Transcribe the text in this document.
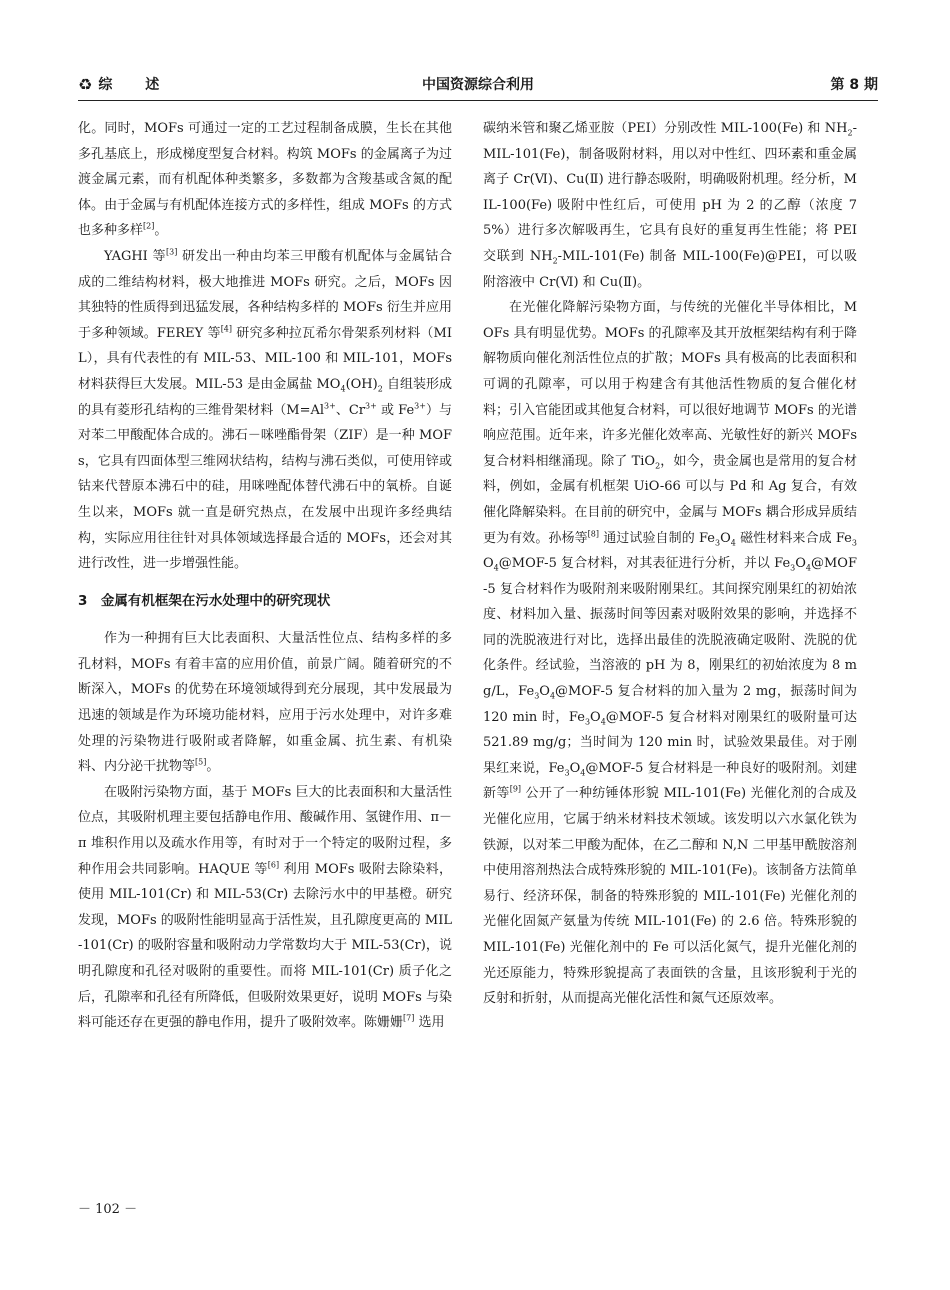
♻ 综 述	中国资源综合利用	第 8 期

化。同时，MOFs 可通过一定的工艺过程制备成膜，生长在其他多孔基底上，形成梯度型复合材料。构筑 MOFs 的金属离子为过渡金属元素，而有机配体种类繁多，多数都为含羧基或含氮的配体。由于金属与有机配体连接方式的多样性，组成 MOFs 的方式也多种多样[2]。

YAGHI 等[3] 研发出一种由均苯三甲酸有机配体与金属钴合成的二维结构材料，极大地推进 MOFs 研究。之后，MOFs 因其独特的性质得到迅猛发展，各种结构多样的 MOFs 衍生并应用于多种领域。FEREY 等[4] 研究多种拉瓦希尔骨架系列材料（MIL），具有代表性的有 MIL-53、MIL-100 和 MIL-101，MOFs 材料获得巨大发展。MIL-53 是由金属盐 $MO_4(OH)_2$ 自组装形成的具有菱形孔结构的三维骨架材料（$M=Al^{3+}$、$Cr^{3+}$ 或 $Fe^{3+}$）与对苯二甲酸配体合成的。沸石－咪唑酯骨架（ZIF）是一种 MOFs，它具有四面体型三维网状结构，结构与沸石类似，可使用锌或钴来代替原本沸石中的硅，用咪唑配体替代沸石中的氧桥。自诞生以来，MOFs 就一直是研究热点，在发展中出现许多经典结构，实际应用往往针对具体领域选择最合适的 MOFs，还会对其进行改性，进一步增强性能。

3　金属有机框架在污水处理中的研究现状

作为一种拥有巨大比表面积、大量活性位点、结构多样的多孔材料，MOFs 有着丰富的应用价值，前景广阔。随着研究的不断深入，MOFs 的优势在环境领域得到充分展现，其中发展最为迅速的领域是作为环境功能材料，应用于污水处理中，对许多难处理的污染物进行吸附或者降解，如重金属、抗生素、有机染料、内分泌干扰物等[5]。

在吸附污染物方面，基于 MOFs 巨大的比表面积和大量活性位点，其吸附机理主要包括静电作用、酸碱作用、氢键作用、π－π 堆积作用以及疏水作用等，有时对于一个特定的吸附过程，多种作用会共同影响。HAQUE 等[6] 利用 MOFs 吸附去除染料，使用 MIL-101(Cr) 和 MIL-53(Cr) 去除污水中的甲基橙。研究发现，MOFs 的吸附性能明显高于活性炭，且孔隙度更高的 MIL-101(Cr) 的吸附容量和吸附动力学常数均大于 MIL-53(Cr)，说明孔隙度和孔径对吸附的重要性。而将 MIL-101(Cr) 质子化之后，孔隙率和孔径有所降低，但吸附效果更好，说明 MOFs 与染料可能还存在更强的静电作用，提升了吸附效率。陈姗姗[7] 选用

碳纳米管和聚乙烯亚胺（PEI）分别改性 MIL-100(Fe) 和 $NH_2-MIL-101(Fe)$，制备吸附材料，用以对中性红、四环素和重金属离子 Cr(Ⅵ)、Cu(Ⅱ) 进行静态吸附，明确吸附机理。经分析，MIL-100(Fe) 吸附中性红后，可使用 pH 为 2 的乙醇（浓度 75%）进行多次解吸再生，它具有良好的重复再生性能；将 PEI 交联到 $NH_2-MIL-101(Fe)$ 制备 MIL-100(Fe)@PEI，可以吸附溶液中 Cr(Ⅵ) 和 Cu(Ⅱ)。

在光催化降解污染物方面，与传统的光催化半导体相比，MOFs 具有明显优势。MOFs 的孔隙率及其开放框架结构有利于降解物质向催化剂活性位点的扩散；MOFs 具有极高的比表面积和可调的孔隙率，可以用于构建含有其他活性物质的复合催化材料；引入官能团或其他复合材料，可以很好地调节 MOFs 的光谱响应范围。近年来，许多光催化效率高、光敏性好的新兴 MOFs 复合材料相继涌现。除了 TiO$_2$，如今，贵金属也是常用的复合材料，例如，金属有机框架 UiO-66 可以与 Pd 和 Ag 复合，有效催化降解染料。在目前的研究中，金属与 MOFs 耦合形成异质结更为有效。孙杨等[8] 通过试验自制的 $Fe_3O_4$ 磁性材料来合成 $Fe_3O_4@MOF-5$ 复合材料，对其表征进行分析，并以 $Fe_3O_4@MOF-5$ 复合材料作为吸附剂来吸附刚果红。其间探究刚果红的初始浓度、材料加入量、振荡时间等因素对吸附效果的影响，并选择不同的洗脱液进行对比，选择出最佳的洗脱液确定吸附、洗脱的优化条件。经试验，当溶液的 pH 为 8，刚果红的初始浓度为 8 mg/L，$Fe_3O_4@MOF-5$ 复合材料的加入量为 2 mg，振荡时间为 120 min 时，$Fe_3O_4@MOF-5$ 复合材料对刚果红的吸附量可达 521.89 mg/g；当时间为 120 min 时，试验效果最佳。对于刚果红来说，$Fe_3O_4@MOF-5$ 复合材料是一种良好的吸附剂。刘建新等[9] 公开了一种纺锤体形貌 MIL-101(Fe) 光催化剂的合成及光催化应用，它属于纳米材料技术领域。该发明以六水氯化铁为铁源，以对苯二甲酸为配体，在乙二醇和 N,N 二甲基甲酰胺溶剂中使用溶剂热法合成特殊形貌的 MIL-101(Fe)。该制备方法简单易行、经济环保，制备的特殊形貌的 MIL-101(Fe) 光催化剂的光催化固氮产氨量为传统 MIL-101(Fe) 的 2.6 倍。特殊形貌的 MIL-101(Fe) 光催化剂中的 Fe 可以活化氮气，提升光催化剂的光还原能力，特殊形貌提高了表面铁的含量，且该形貌利于光的反射和折射，从而提高光催化活性和氮气还原效率。

－ 102 －
